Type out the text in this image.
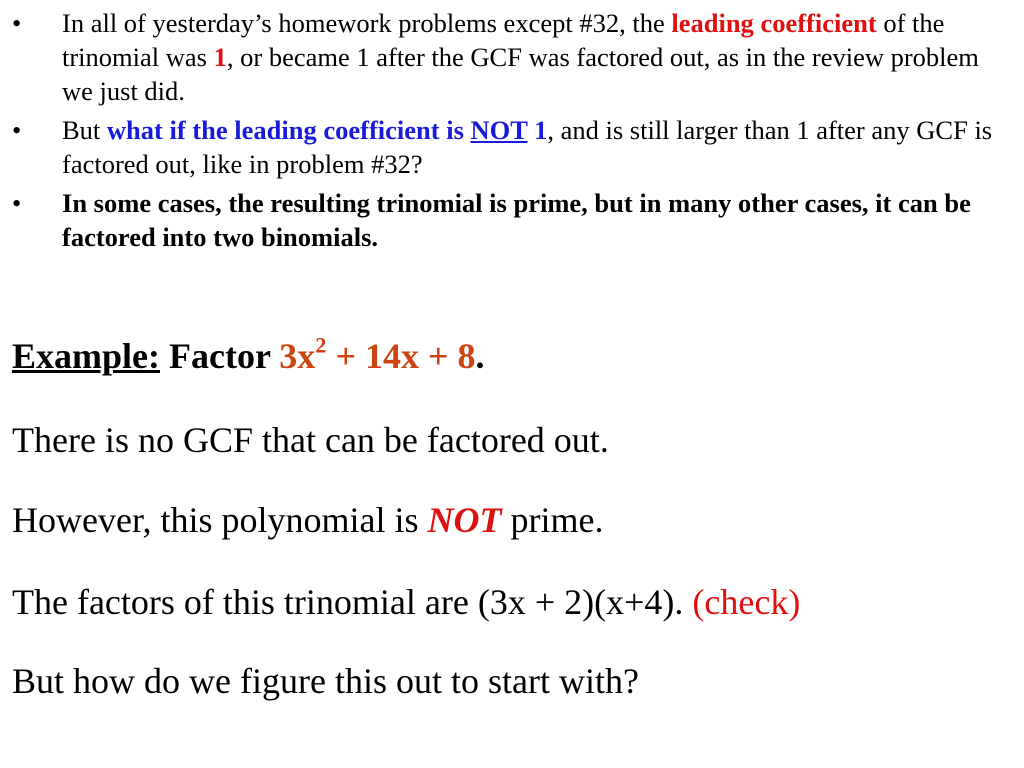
•	In all of yesterday’s homework problems except #32, the leading coefficient of the trinomial was 1, or became 1 after the GCF was factored out, as in the review problem we just did.
•	But what if the leading coefficient is NOT 1, and is still larger than 1 after any GCF is factored out, like in problem #32?
•	In some cases, the resulting trinomial is prime, but in many other cases, it can be factored into two binomials.
Example: Factor $3x^2 + 14x + 8$.
There is no GCF that can be factored out.
However, this polynomial is NOT prime.
The factors of this trinomial are (3x + 2)(x+4). (check)
But how do we figure this out to start with?
